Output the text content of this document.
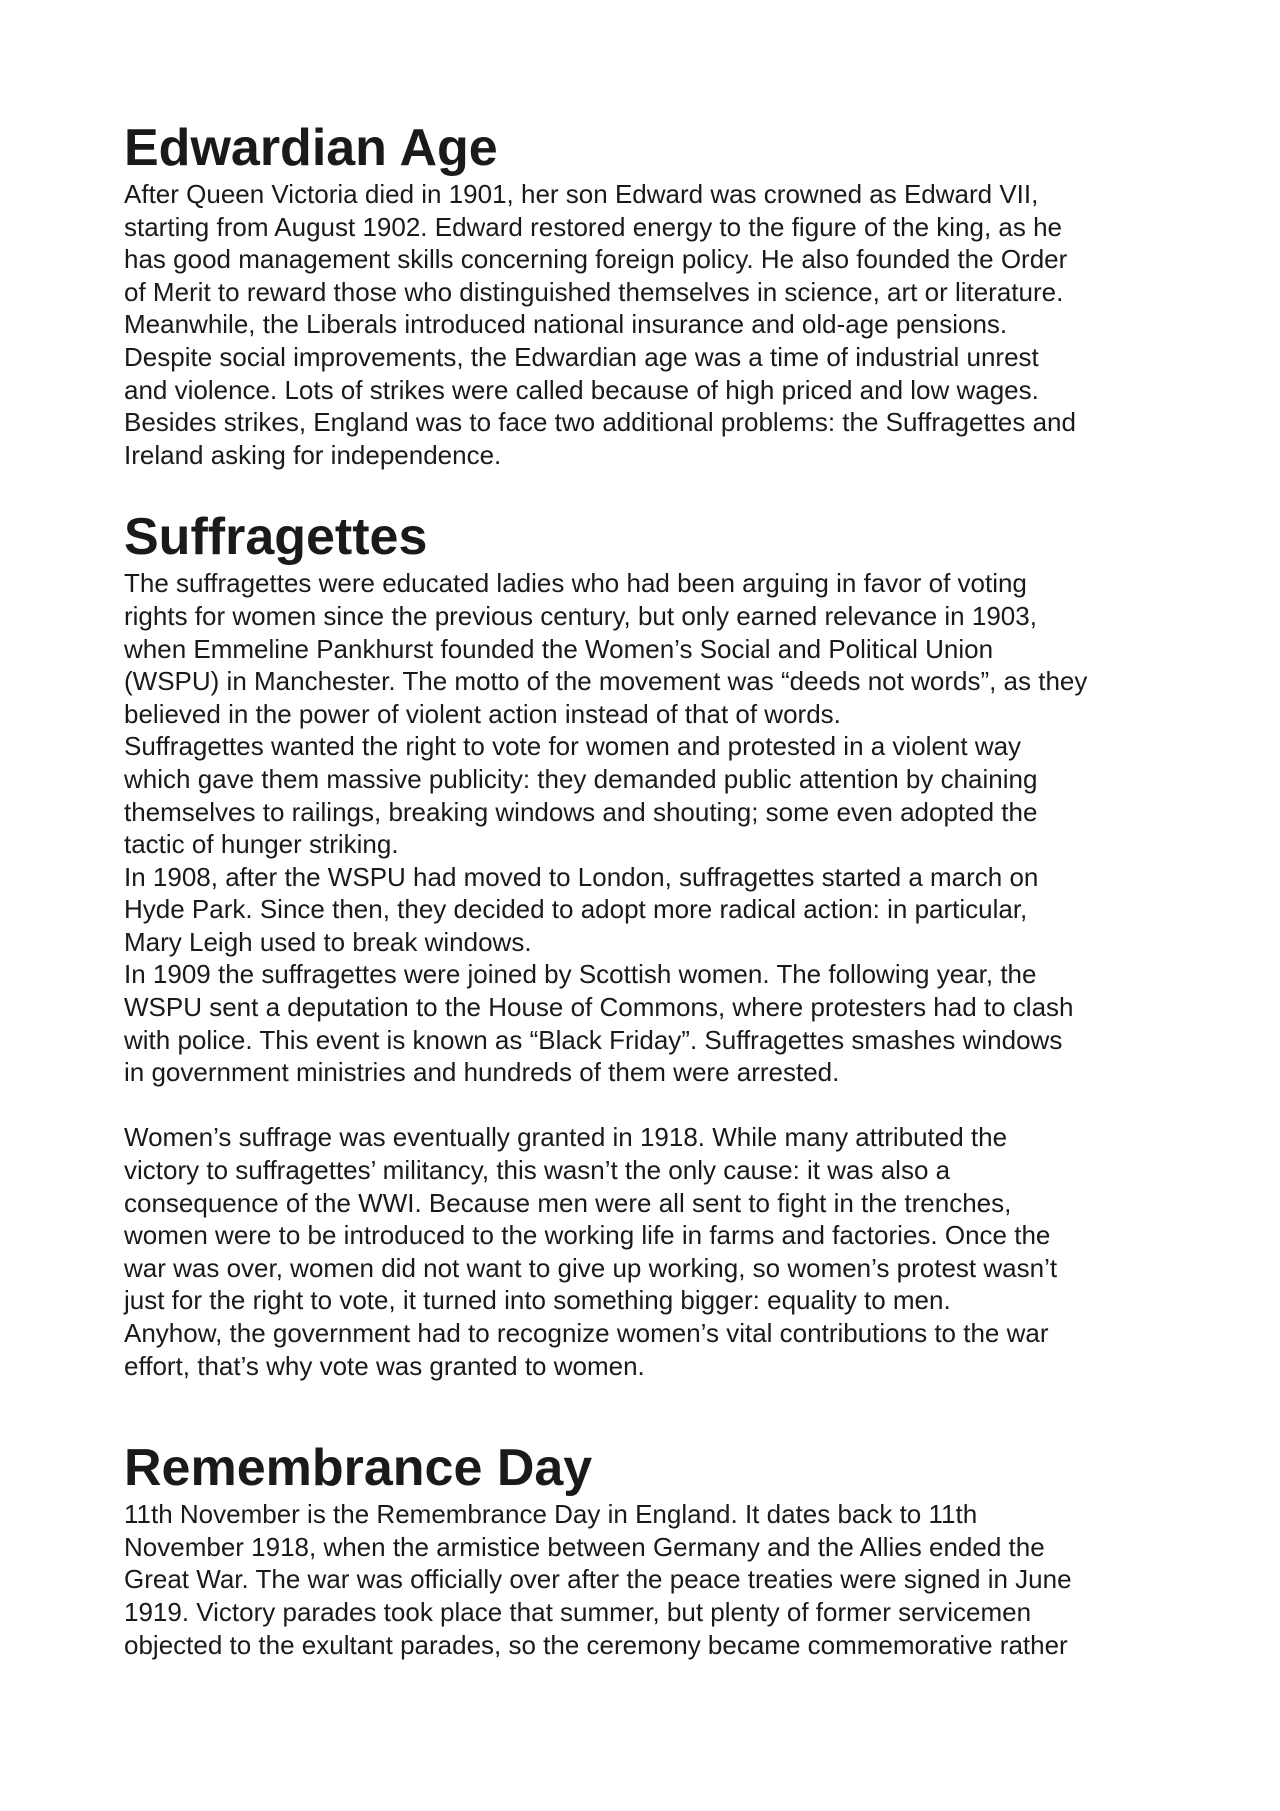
Edwardian Age
After Queen Victoria died in 1901, her son Edward was crowned as Edward VII,
starting from August 1902. Edward restored energy to the figure of the king, as he
has good management skills concerning foreign policy. He also founded the Order
of Merit to reward those who distinguished themselves in science, art or literature.
Meanwhile, the Liberals introduced national insurance and old-age pensions.
Despite social improvements, the Edwardian age was a time of industrial unrest
and violence. Lots of strikes were called because of high priced and low wages.
Besides strikes, England was to face two additional problems: the Suffragettes and
Ireland asking for independence.
Suffragettes
The suffragettes were educated ladies who had been arguing in favor of voting
rights for women since the previous century, but only earned relevance in 1903,
when Emmeline Pankhurst founded the Women’s Social and Political Union
(WSPU) in Manchester. The motto of the movement was “deeds not words”, as they
believed in the power of violent action instead of that of words.
Suffragettes wanted the right to vote for women and protested in a violent way
which gave them massive publicity: they demanded public attention by chaining
themselves to railings, breaking windows and shouting; some even adopted the
tactic of hunger striking.
In 1908, after the WSPU had moved to London, suffragettes started a march on
Hyde Park. Since then, they decided to adopt more radical action: in particular,
Mary Leigh used to break windows.
In 1909 the suffragettes were joined by Scottish women. The following year, the
WSPU sent a deputation to the House of Commons, where protesters had to clash
with police. This event is known as “Black Friday”. Suffragettes smashes windows
in government ministries and hundreds of them were arrested.
Women’s suffrage was eventually granted in 1918. While many attributed the
victory to suffragettes’ militancy, this wasn’t the only cause: it was also a
consequence of the WWI. Because men were all sent to fight in the trenches,
women were to be introduced to the working life in farms and factories. Once the
war was over, women did not want to give up working, so women’s protest wasn’t
just for the right to vote, it turned into something bigger: equality to men.
Anyhow, the government had to recognize women’s vital contributions to the war
effort, that’s why vote was granted to women.
Remembrance Day
11th November is the Remembrance Day in England. It dates back to 11th
November 1918, when the armistice between Germany and the Allies ended the
Great War. The war was officially over after the peace treaties were signed in June
1919. Victory parades took place that summer, but plenty of former servicemen
objected to the exultant parades, so the ceremony became commemorative rather
